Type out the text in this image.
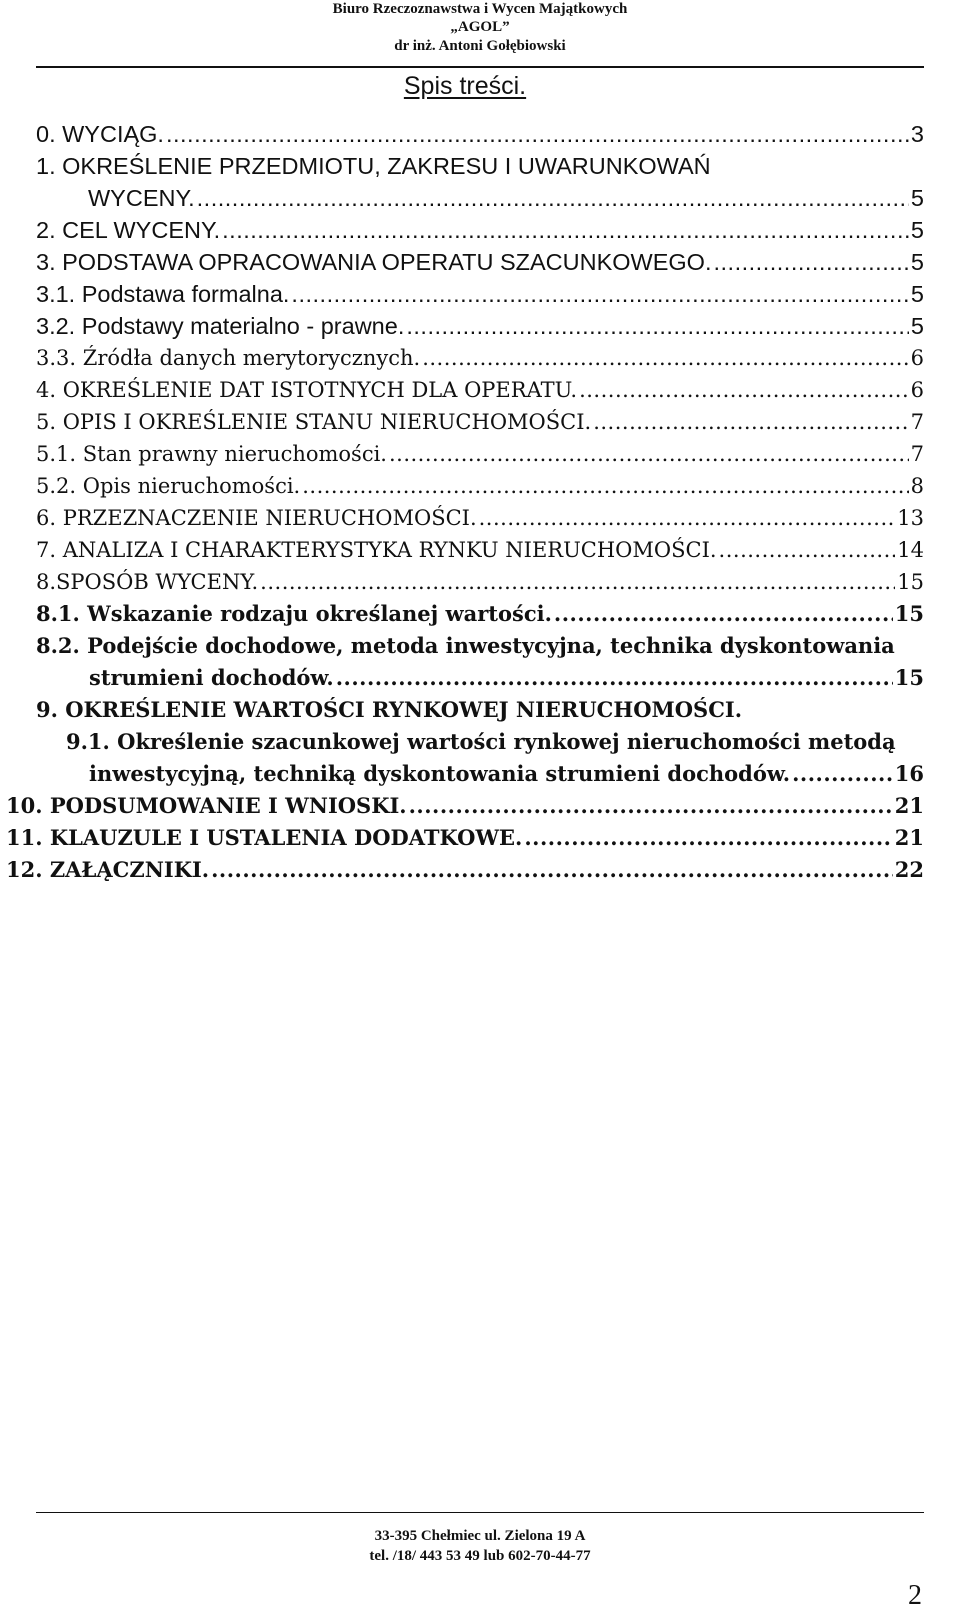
Biuro Rzeczoznawstwa i Wycen Majątkowych
„AGOL”
dr inż. Antoni Gołębiowski
Spis treści.
0. WYCIĄG. .....	3
1. OKREŚLENIE PRZEDMIOTU, ZAKRESU I UWARUNKOWAŃ
WYCENY. .....	5
2. CEL WYCENY. .....	5
3. PODSTAWA OPRACOWANIA OPERATU SZACUNKOWEGO. .....	5
3.1. Podstawa formalna. .....	5
3.2. Podstawy materialno - prawne. .....	5
3.3. Źródła danych merytorycznych. .....	6
4. OKREŚLENIE DAT ISTOTNYCH DLA OPERATU. .....	6
5. OPIS I OKREŚLENIE STANU NIERUCHOMOŚCI. .....	7
5.1. Stan prawny nieruchomości. .....	7
5.2. Opis nieruchomości. .....	8
6. PRZEZNACZENIE NIERUCHOMOŚCI. .....	13
7. ANALIZA I CHARAKTERYSTYKA RYNKU NIERUCHOMOŚCI. .....	14
8.SPOSÓB WYCENY. .....	15
8.1. Wskazanie rodzaju określanej wartości. .....	15
8.2. Podejście dochodowe, metoda inwestycyjna, technika dyskontowania
strumieni dochodów. .....	15
9. OKREŚLENIE WARTOŚCI RYNKOWEJ NIERUCHOMOŚCI.
9.1. Określenie szacunkowej wartości rynkowej nieruchomości metodą
inwestycyjną, techniką dyskontowania strumieni dochodów. .....	16
10. PODSUMOWANIE I WNIOSKI. .....	21
11. KLAUZULE I USTALENIA DODATKOWE. .....	21
12. ZAŁĄCZNIKI. .....	22
33-395 Chełmiec ul. Zielona 19 A
tel. /18/ 443 53 49 lub 602-70-44-77
2
